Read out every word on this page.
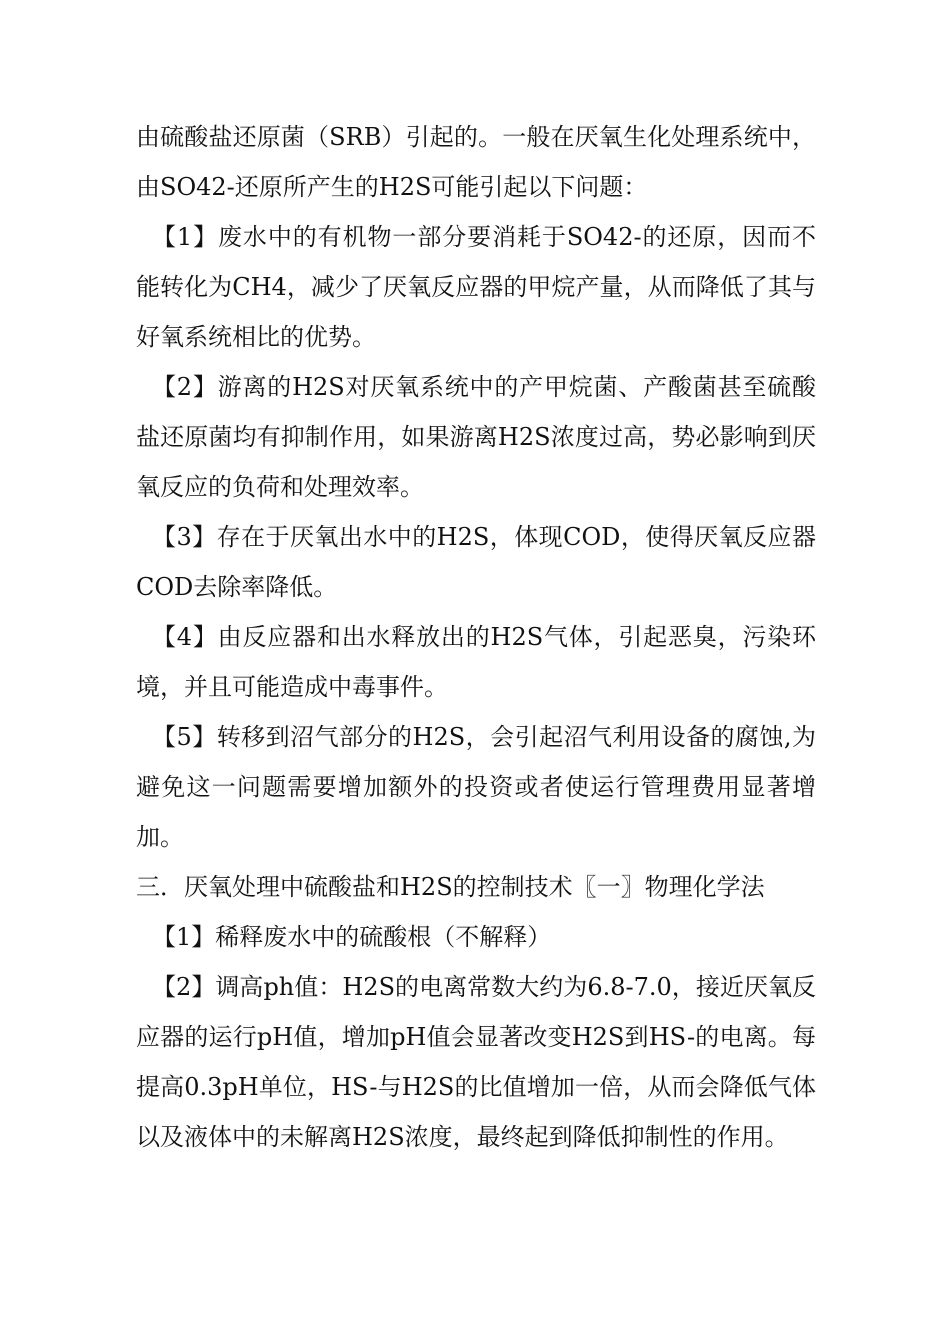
由硫酸盐还原菌（SRB）引起的。一般在厌氧生化处理系统中，由SO42-还原所产生的H2S可能引起以下问题：

【1】废水中的有机物一部分要消耗于SO42-的还原，因而不能转化为CH4，减少了厌氧反应器的甲烷产量，从而降低了其与好氧系统相比的优势。

【2】游离的H2S对厌氧系统中的产甲烷菌、产酸菌甚至硫酸盐还原菌均有抑制作用，如果游离H2S浓度过高，势必影响到厌氧反应的负荷和处理效率。

【3】存在于厌氧出水中的H2S，体现COD，使得厌氧反应器COD去除率降低。

【4】由反应器和出水释放出的H2S气体，引起恶臭，污染环境，并且可能造成中毒事件。

【5】转移到沼气部分的H2S，会引起沼气利用设备的腐蚀,为避免这一问题需要增加额外的投资或者使运行管理费用显著增加。

三．厌氧处理中硫酸盐和H2S的控制技术〖一〗物理化学法

【1】稀释废水中的硫酸根（不解释）

【2】调高ph值：H2S的电离常数大约为6.8-7.0，接近厌氧反应器的运行pH值，增加pH值会显著改变H2S到HS-的电离。每提高0.3pH单位，HS-与H2S的比值增加一倍，从而会降低气体以及液体中的未解离H2S浓度，最终起到降低抑制性的作用。
